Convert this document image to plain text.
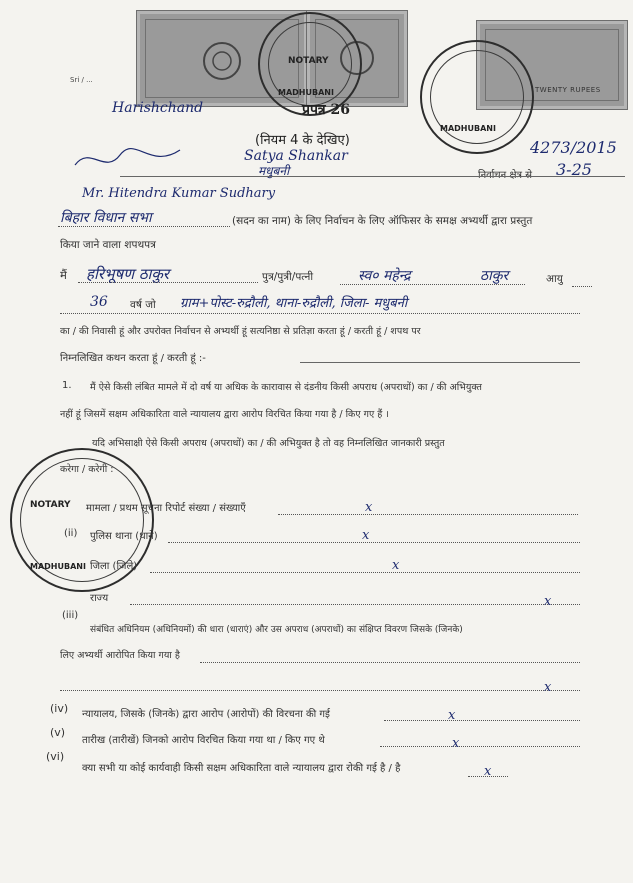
TWENTY RUPEES
NOTARY
MADHUBANI
प्रपत्र 26
MADHUBANI
NOTARY
MADHUBANI
Sri / ...
Harishchand
(नियम 4 के देखिए)
Satya Shankar
मधुबनी
4273/2015
निर्वाचन क्षेत्र से 3-25
Mr. Hitendra Kumar Sudhary
बिहार विधान सभा	(सदन का नाम) के लिए निर्वाचन के लिए ऑफिसर के समक्ष अभ्यर्थी द्वारा प्रस्तुत
किया जाने वाला शपथपत्र
मैं हरिभूषण ठाकुर	पुत्र/पुत्री/पत्नी	स्व० महेन्द्र	ठाकुर	आयु
36 वर्ष जो ग्राम+पोस्ट-रुद्रौली, थाना-रुद्रौली, जिला- मधुबनी
का / की निवासी हूं और उपरोक्त निर्वाचन से अभ्यर्थी हूं सत्यनिष्ठा से प्रतिज्ञा करता हूं / करती हूं / शपथ पर
निम्नलिखित कथन करता हूं / करती हूं :-
1. मैं ऐसे किसी लंबित मामले में दो वर्ष या अधिक के कारावास से दंडनीय किसी अपराध (अपराधों) का / की अभियुक्त
नहीं हूं जिसमें सक्षम अधिकारिता वाले न्यायालय द्वारा आरोप विरचित किया गया है / किए गए हैं ।
यदि अभिसाक्षी ऐसे किसी अपराध (अपराधों) का / की अभियुक्त है तो वह निम्नलिखित जानकारी प्रस्तुत
करेगा / करेगी :
मामला / प्रथम सूचना रिपोर्ट संख्या / संख्याएँ	x
(ii) पुलिस थाना (थाने)	x
जिला (जिले)	x
राज्य	x
(iii)
संबंधित अधिनियम (अधिनियमों) की धारा (धाराएं) और उस अपराध (अपराधों) का संक्षिप्त विवरण जिसके (जिनके)
लिए अभ्यर्थी आरोपित किया गया है
x
(iv) न्यायालय, जिसके (जिनके) द्वारा आरोप (आरोपों) की विरचना की गई	x
(v)
तारीख (तारीखें) जिनको आरोप विरचित किया गया था / किए गए थे	x
(vi)
क्या सभी या कोई कार्यवाही किसी सक्षम अधिकारिता वाले न्यायालय द्वारा रोकी गई है / है	x
